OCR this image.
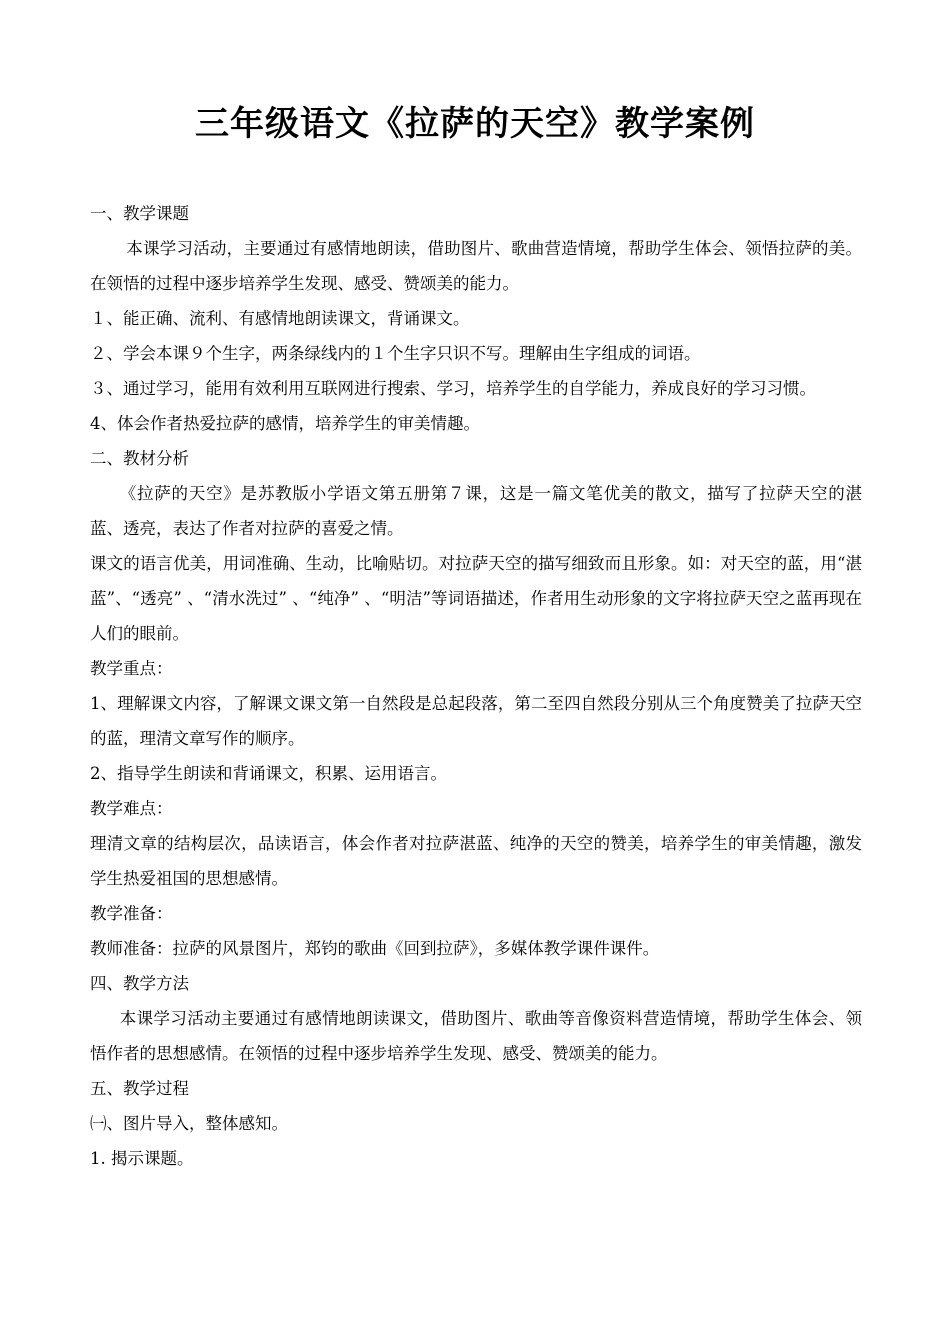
三年级语文《拉萨的天空》教学案例

一、教学课题

本课学习活动，主要通过有感情地朗读，借助图片、歌曲营造情境，帮助学生体会、领悟拉萨的美。在领悟的过程中逐步培养学生发现、感受、赞颂美的能力。

１、能正确、流利、有感情地朗读课文，背诵课文。

２、学会本课９个生字，两条绿线内的１个生字只识不写。理解由生字组成的词语。

３、通过学习，能用有效利用互联网进行搜索、学习，培养学生的自学能力，养成良好的学习习惯。

4、体会作者热爱拉萨的感情，培养学生的审美情趣。

二、教材分析

《拉萨的天空》是苏教版小学语文第五册第７课，这是一篇文笔优美的散文，描写了拉萨天空的湛蓝、透亮，表达了作者对拉萨的喜爱之情。

课文的语言优美，用词准确、生动，比喻贴切。对拉萨天空的描写细致而且形象。如：对天空的蓝，用“湛蓝”、“透亮” 、“清水洗过” 、“纯净” 、“明洁”等词语描述，作者用生动形象的文字将拉萨天空之蓝再现在人们的眼前。

教学重点：

1、理解课文内容，了解课文课文第一自然段是总起段落，第二至四自然段分别从三个角度赞美了拉萨天空的蓝，理清文章写作的顺序。

2、指导学生朗读和背诵课文，积累、运用语言。

教学难点：

理清文章的结构层次，品读语言，体会作者对拉萨湛蓝、纯净的天空的赞美，培养学生的审美情趣，激发学生热爱祖国的思想感情。

教学准备：

教师准备：拉萨的风景图片，郑钧的歌曲《回到拉萨》，多媒体教学课件课件。

四、教学方法

本课学习活动主要通过有感情地朗读课文，借助图片、歌曲等音像资料营造情境，帮助学生体会、领悟作者的思想感情。在领悟的过程中逐步培养学生发现、感受、赞颂美的能力。

五、教学过程

㈠、图片导入，整体感知。

1. 揭示课题。
